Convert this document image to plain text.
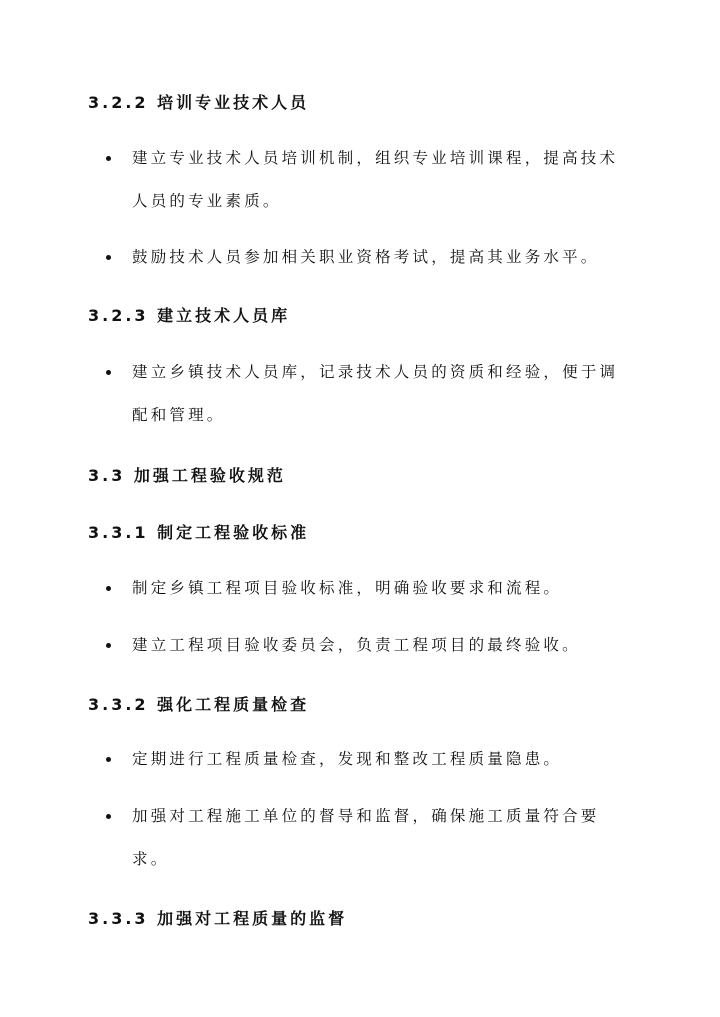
3.2.2 培训专业技术人员
建立专业技术人员培训机制，组织专业培训课程，提高技术人员的专业素质。
鼓励技术人员参加相关职业资格考试，提高其业务水平。
3.2.3 建立技术人员库
建立乡镇技术人员库，记录技术人员的资质和经验，便于调配和管理。
3.3 加强工程验收规范
3.3.1 制定工程验收标准
制定乡镇工程项目验收标准，明确验收要求和流程。
建立工程项目验收委员会，负责工程项目的最终验收。
3.3.2 强化工程质量检查
定期进行工程质量检查，发现和整改工程质量隐患。
加强对工程施工单位的督导和监督，确保施工质量符合要求。
3.3.3 加强对工程质量的监督
